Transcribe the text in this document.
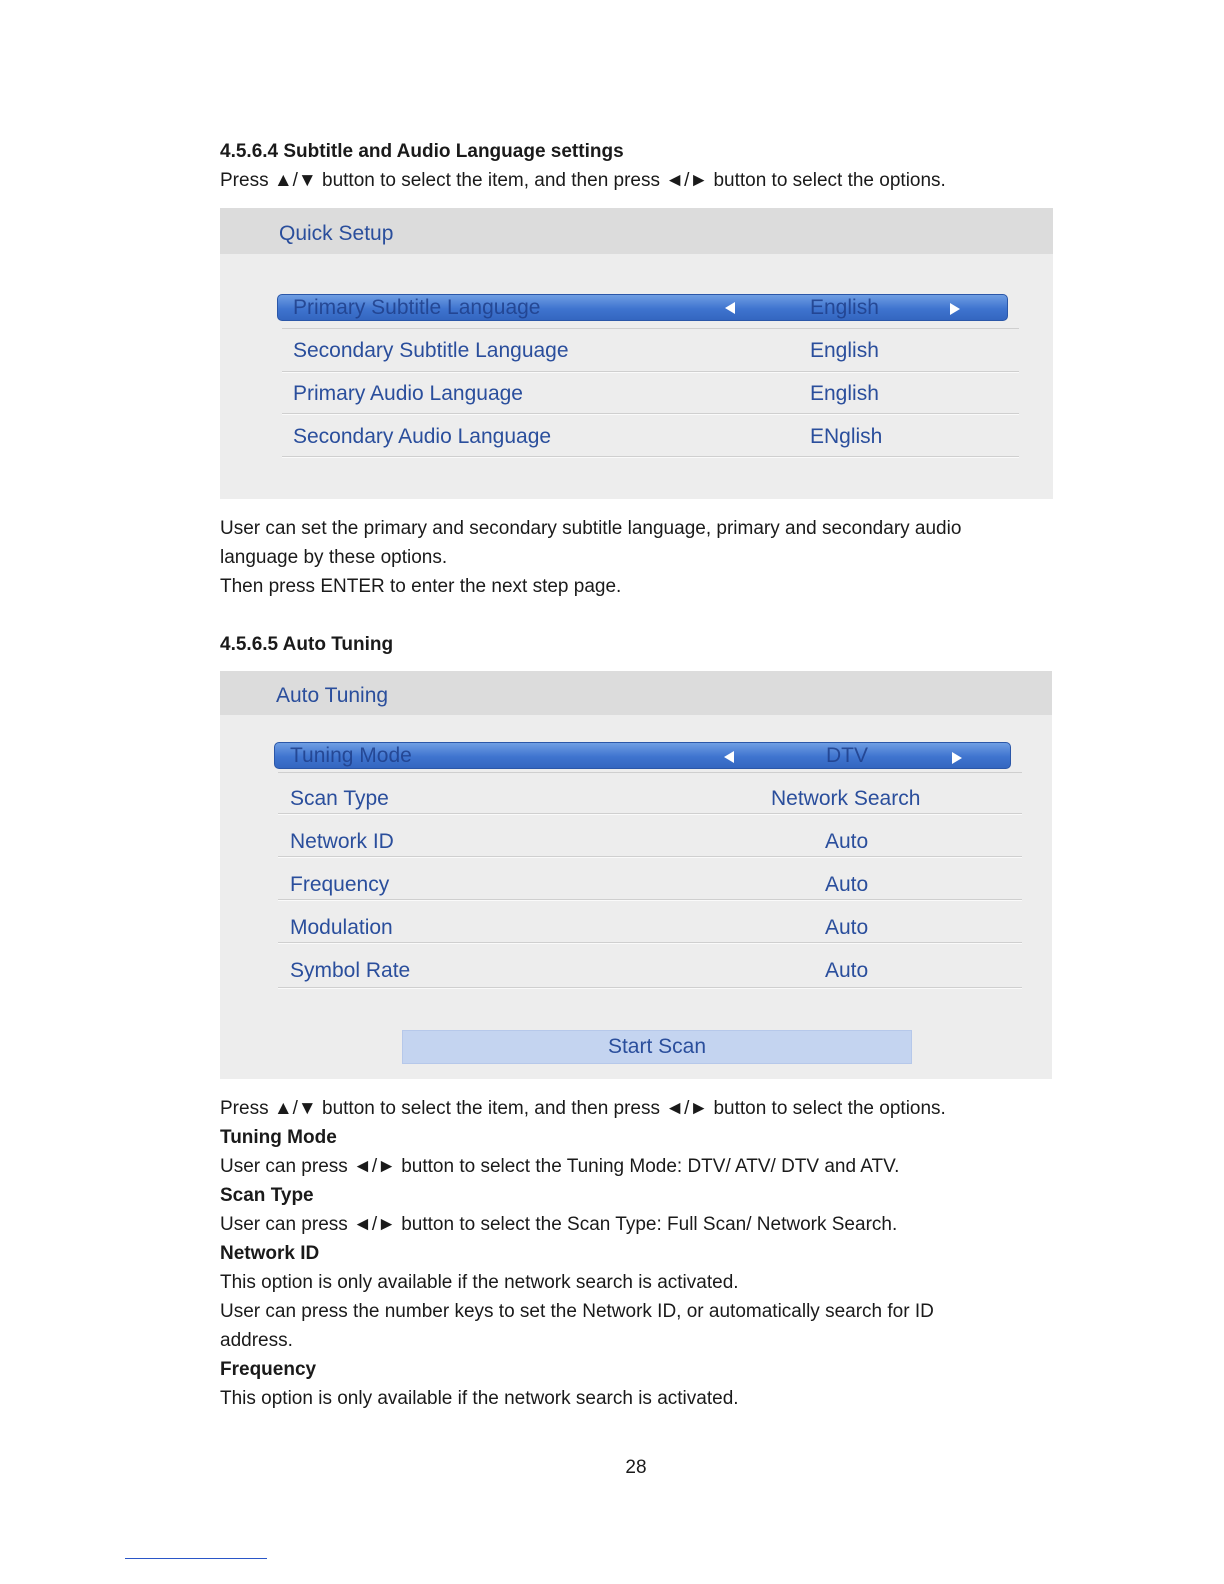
4.5.6.4 Subtitle and Audio Language settings
Press ▲/▼ button to select the item, and then press ◄/► button to select the options.
Quick Setup
Primary Subtitle Language	English
Secondary Subtitle Language	English
Primary Audio Language	English
Secondary Audio Language	ENglish
User can set the primary and secondary subtitle language, primary and secondary audio
language by these options.
Then press ENTER to enter the next step page.
4.5.6.5 Auto Tuning
Auto Tuning
Tuning Mode	DTV
Scan Type	Network Search
Network ID	Auto
Frequency	Auto
Modulation	Auto
Symbol Rate	Auto
Start Scan
Press ▲/▼ button to select the item, and then press ◄/► button to select the options.
Tuning Mode
User can press ◄/► button to select the Tuning Mode: DTV/ ATV/ DTV and ATV.
Scan Type
User can press ◄/► button to select the Scan Type: Full Scan/ Network Search.
Network ID
This option is only available if the network search is activated.
User can press the number keys to set the Network ID, or automatically search for ID
address.
Frequency
This option is only available if the network search is activated.
28
